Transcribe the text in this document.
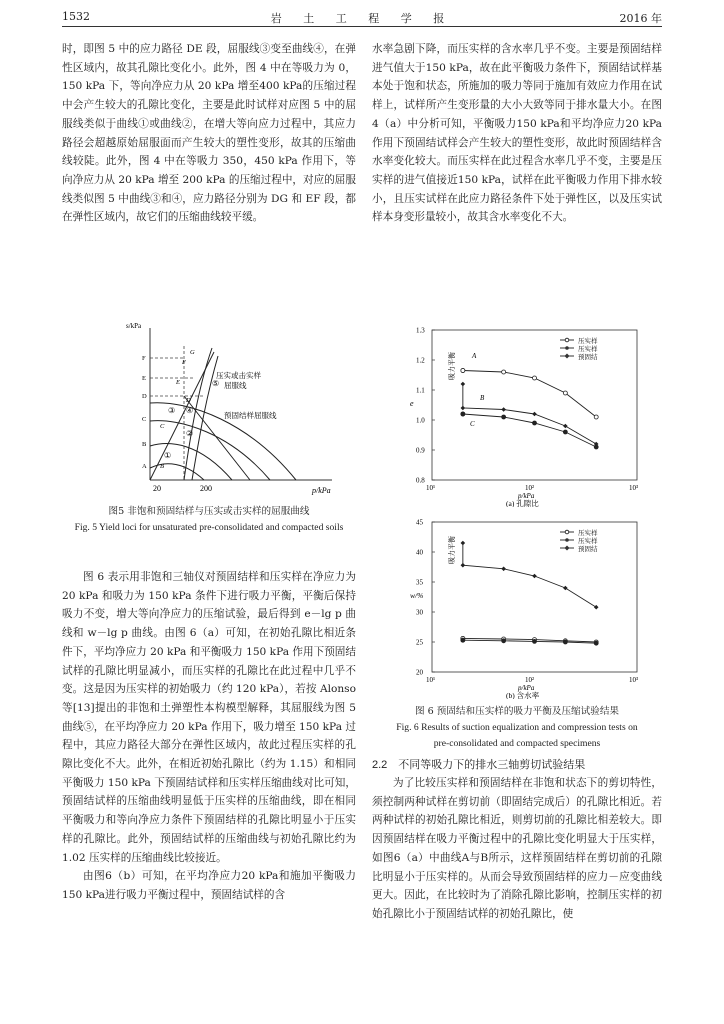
1532	岩 土 工 程 学 报	2016 年

时，即图 5 中的应力路径 DE 段，屈服线③变至曲线④，在弹性区域内，故其孔隙比变化小。此外，图 4 中在等吸力为 0，150 kPa 下，等向净应力从 20 kPa 增至400 kPa的压缩过程中会产生较大的孔隙比变化，主要是此时试样对应图 5 中的屈服线类似于曲线①或曲线②，在增大等向应力过程中，其应力路径会超越原始屈服面而产生较大的塑性变形，故其的压缩曲线较陡。此外，图 4 中在等吸力 350，450 kPa 作用下，等向净应力从 20 kPa 增至 200 kPa 的压缩过程中，对应的屈服线类似图 5 中曲线③和④，应力路径分别为 DG 和 EF 段，都在弹性区域内，故它们的压缩曲线较平缓。

s/kPa
p/kPa
20	200
F
E
D
C
B
A
G
F
E
D
C
B
①
②
③ ④
⑤
压实或击实样
屈服线
预固结样屈服线
图5 非饱和预固结样与压实或击实样的屈服曲线
Fig. 5 Yield loci for unsaturated pre-consolidated and compacted soils

图 6 表示用非饱和三轴仪对预固结样和压实样在净应力为 20 kPa 和吸力为 150 kPa 条件下进行吸力平衡，平衡后保持吸力不变，增大等向净应力的压缩试验，最后得到 e－lg p 曲线和 w－lg p 曲线。由图 6（a）可知，在初始孔隙比相近条件下，平均净应力 20 kPa 和平衡吸力 150 kPa 作用下预固结试样的孔隙比明显减小，而压实样的孔隙比在此过程中几乎不变。这是因为压实样的初始吸力（约 120 kPa），若按 Alonso 等[13]提出的非饱和土弹塑性本构模型解释，其屈服线为图 5 曲线⑤，在平均净应力 20 kPa 作用下，吸力增至 150 kPa 过程中，其应力路径大部分在弹性区域内，故此过程压实样的孔隙比变化不大。此外，在相近初始孔隙比（约为 1.15）和相同平衡吸力 150 kPa 下预固结试样和压实样压缩曲线对比可知，预固结试样的压缩曲线明显低于压实样的压缩曲线，即在相同平衡吸力和等向净应力条件下预固结样的孔隙比明显小于压实样的孔隙比。此外，预固结试样的压缩曲线与初始孔隙比约为 1.02 压实样的压缩曲线比较接近。

由图6（b）可知，在平均净应力20 kPa和施加平衡吸力150 kPa进行吸力平衡过程中，预固结试样的含

水率急剧下降，而压实样的含水率几乎不变。主要是预固结样进气值大于150 kPa，故在此平衡吸力条件下，预固结试样基本处于饱和状态，所施加的吸力等同于施加有效应力作用在试样上，试样所产生变形量的大小大致等同于排水量大小。在图4（a）中分析可知，平衡吸力150 kPa和平均净应力20 kPa作用下预固结试样会产生较大的塑性变形，故此时预固结样含水率变化较大。而压实样在此过程含水率几乎不变，主要是压实样的进气值接近150 kPa，试样在此平衡吸力作用下排水较小，且压实试样在此应力路径条件下处于弹性区，以及压实试样本身变形量较小，故其含水率变化不大。

0.8
0.9
1.0
1.1
1.2
1.3
10¹	10²	10³
e
p/kPa
(a) 孔隙比
吸力平衡 A
B
C
压实样
压实样
预固结
20
25
30
35
40
45
10¹	10²	10³
w/%
p/kPa
(b) 含水率
吸力平衡
压实样
压实样
预固结
图 6 预固结和压实样的吸力平衡及压缩试验结果
Fig. 6 Results of suction equalization and compression tests on
pre-consolidated and compacted specimens
2.2　不同等吸力下的排水三轴剪切试验结果

为了比较压实样和预固结样在非饱和状态下的剪切特性，须控制两种试样在剪切前（即固结完成后）的孔隙比相近。若两种试样的初始孔隙比相近，则剪切前的孔隙比相差较大。即因预固结样在吸力平衡过程中的孔隙比变化明显大于压实样，如图6（a）中曲线A与B所示，这样预固结样在剪切前的孔隙比明显小于压实样的。从而会导致预固结样的应力－应变曲线更大。因此，在比较时为了消除孔隙比影响，控制压实样的初始孔隙比小于预固结试样的初始孔隙比，使
